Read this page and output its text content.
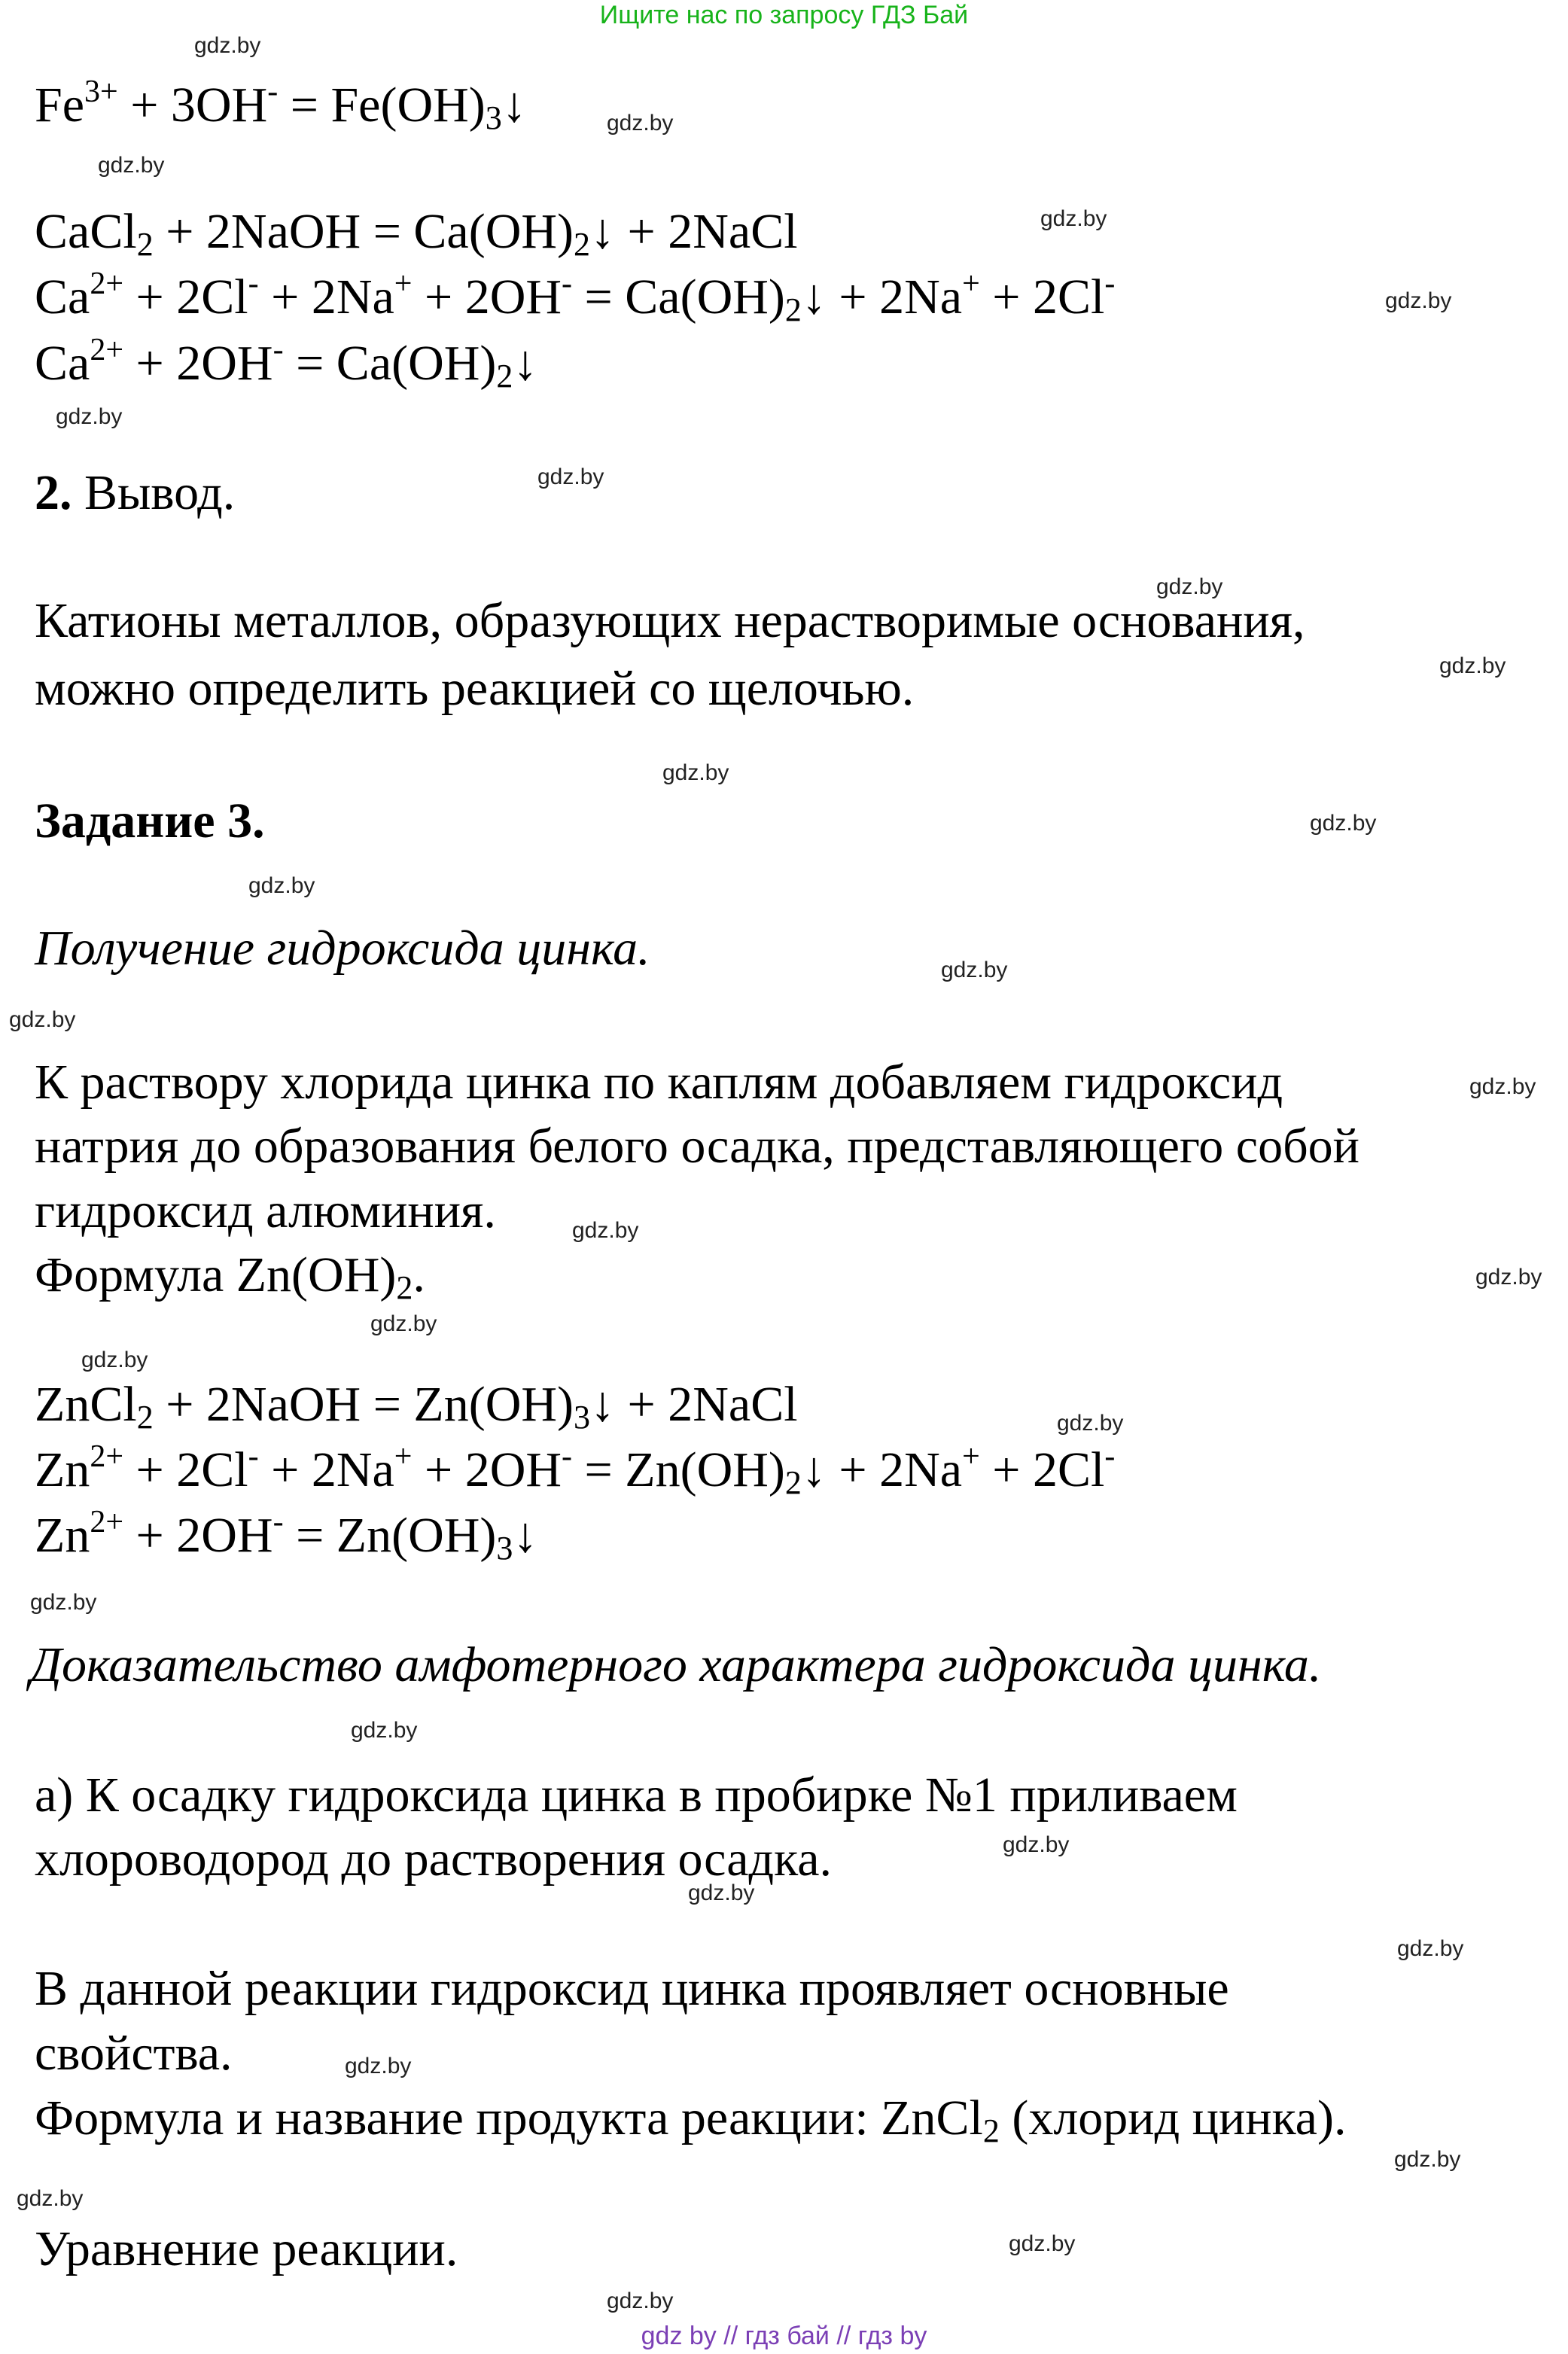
Ищите нас по запросу ГДЗ Бай
$Fe^{3+} + 3OH^-$ = $Fe(OH)_3↓$
CaCl$_2$ + 2NaOH = $Ca(OH)_2↓$ + 2NaCl
$Ca^{2+} + 2Cl^- + 2Na^+ + 2OH^-$ = $Ca(OH)_2↓ + 2Na^+ + 2Cl^-$
$Ca^{2+} + 2OH^-$ = $Ca(OH)_2↓$
2. Вывод.
Катионы металлов, образующих нерастворимые основания,
можно определить реакцией со щелочью.
Задание 3.
Получение гидроксида цинка.
К раствору хлорида цинка по каплям добавляем гидроксид
натрия до образования белого осадка, представляющего собой
гидроксид алюминия.
Формула $Zn(OH)_2$.
ZnCl$_2$ + 2NaOH = $Zn(OH)_3↓$ + 2NaCl
$Zn^{2+} + 2Cl^- + 2Na^+ + 2OH^-$ = $Zn(OH)_2↓ + 2Na^+ + 2Cl^-$
$Zn^{2+} + 2OH^-$ = $Zn(OH)_3↓$
Доказательство амфотерного характера гидроксида цинка.
а) К осадку гидроксида цинка в пробирке №1 приливаем
хлороводород до растворения осадка.
В данной реакции гидроксид цинка проявляет основные
свойства.
Формула и название продукта реакции: ZnCl$_2$ (хлорид цинка).
Уравнение реакции.
gdz.by
gdz.by
gdz.by
gdz.by
gdz.by
gdz.by
gdz.by
gdz.by
gdz.by
gdz.by
gdz.by
gdz.by
gdz.by
gdz.by
gdz.by
gdz.by
gdz.by
gdz.by
gdz.by
gdz.by
gdz.by
gdz.by
gdz.by
gdz.by
gdz.by
gdz.by
gdz.by
gdz.by
gdz.by
gdz.by
gdz by // гдз бай // гдз by
